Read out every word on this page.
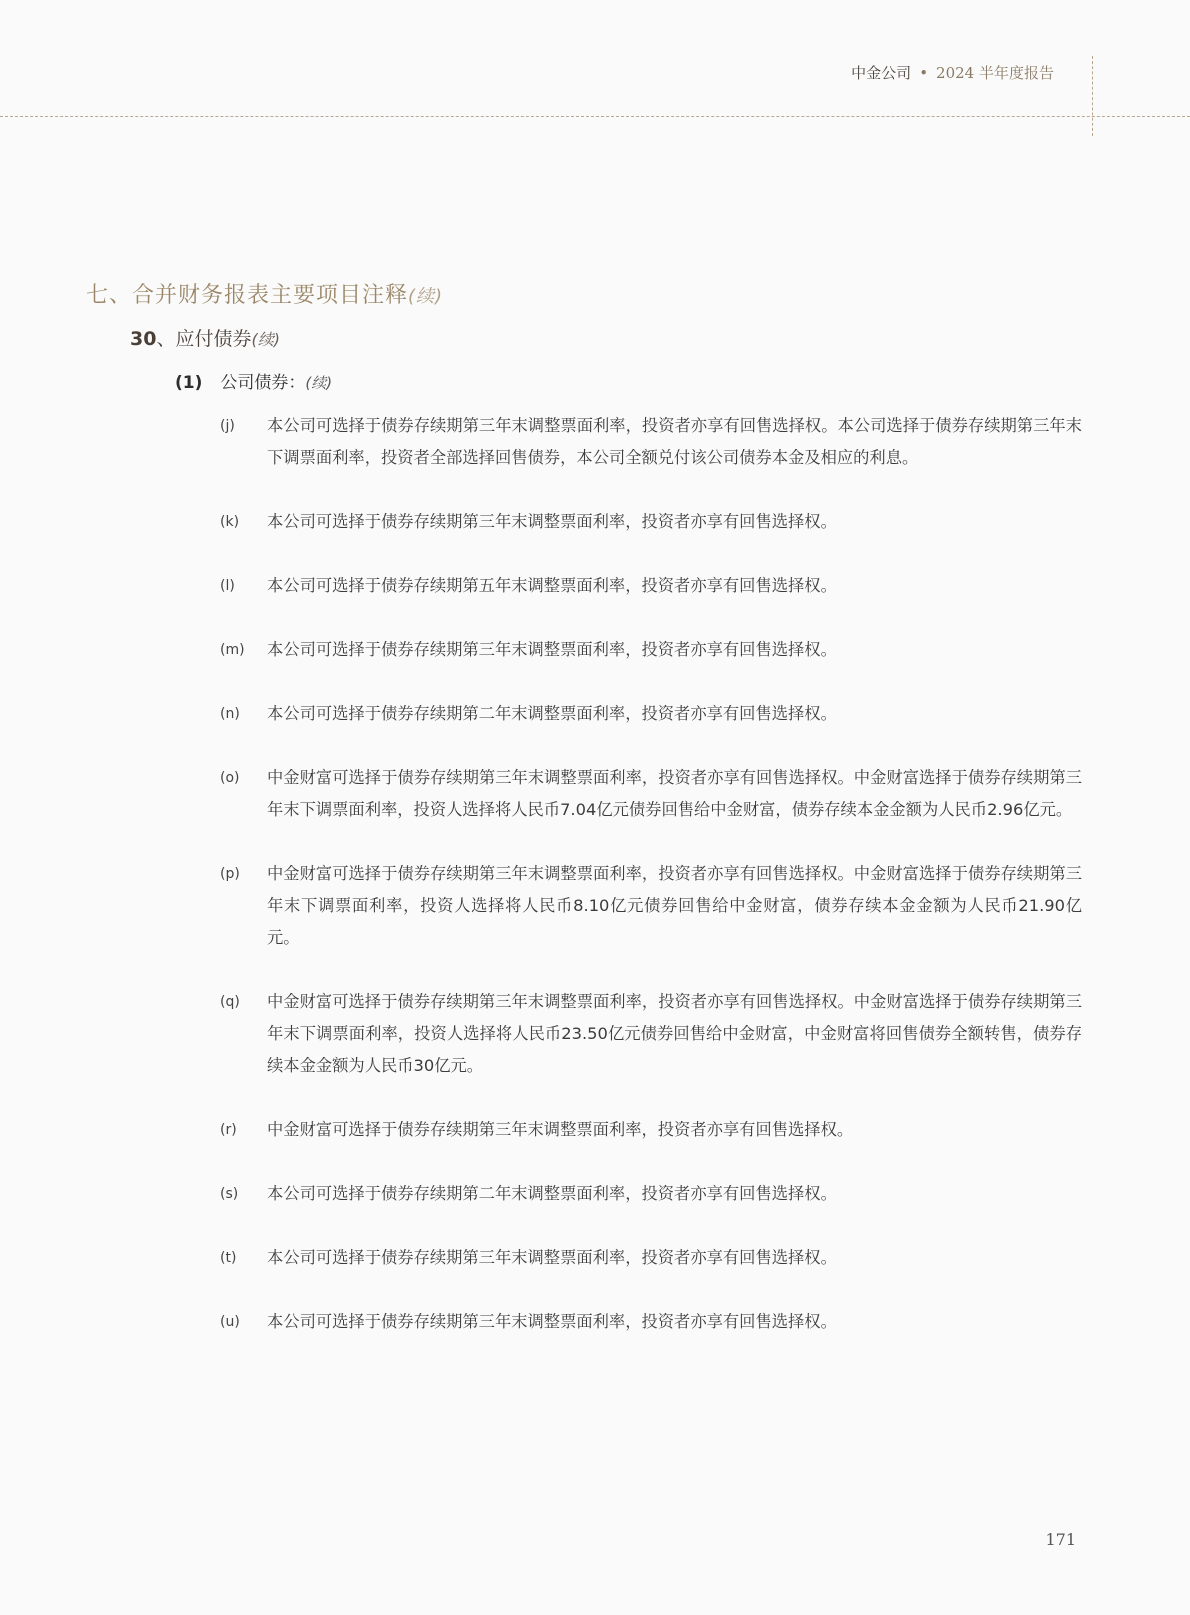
中金公司 • 2024 半年度报告
七、合并财务报表主要项目注释(续)
30、应付债券(续)
(1) 公司债券：(续)
(j)	本公司可选择于债券存续期第三年末调整票面利率，投资者亦享有回售选择权。本公司选择于债券存续期第三年末下调票面利率，投资者全部选择回售债券，本公司全额兑付该公司债券本金及相应的利息。
(k)	本公司可选择于债券存续期第三年末调整票面利率，投资者亦享有回售选择权。
(l)	本公司可选择于债券存续期第五年末调整票面利率，投资者亦享有回售选择权。
(m)	本公司可选择于债券存续期第三年末调整票面利率，投资者亦享有回售选择权。
(n)	本公司可选择于债券存续期第二年末调整票面利率，投资者亦享有回售选择权。
(o)	中金财富可选择于债券存续期第三年末调整票面利率，投资者亦享有回售选择权。中金财富选择于债券存续期第三年末下调票面利率，投资人选择将人民币7.04亿元债券回售给中金财富，债券存续本金金额为人民币2.96亿元。
(p)	中金财富可选择于债券存续期第三年末调整票面利率，投资者亦享有回售选择权。中金财富选择于债券存续期第三年末下调票面利率，投资人选择将人民币8.10亿元债券回售给中金财富，债券存续本金金额为人民币21.90亿元。
(q)	中金财富可选择于债券存续期第三年末调整票面利率，投资者亦享有回售选择权。中金财富选择于债券存续期第三年末下调票面利率，投资人选择将人民币23.50亿元债券回售给中金财富，中金财富将回售债券全额转售，债券存续本金金额为人民币30亿元。
(r)	中金财富可选择于债券存续期第三年末调整票面利率，投资者亦享有回售选择权。
(s)	本公司可选择于债券存续期第二年末调整票面利率，投资者亦享有回售选择权。
(t)	本公司可选择于债券存续期第三年末调整票面利率，投资者亦享有回售选择权。
(u)	本公司可选择于债券存续期第三年末调整票面利率，投资者亦享有回售选择权。
171
